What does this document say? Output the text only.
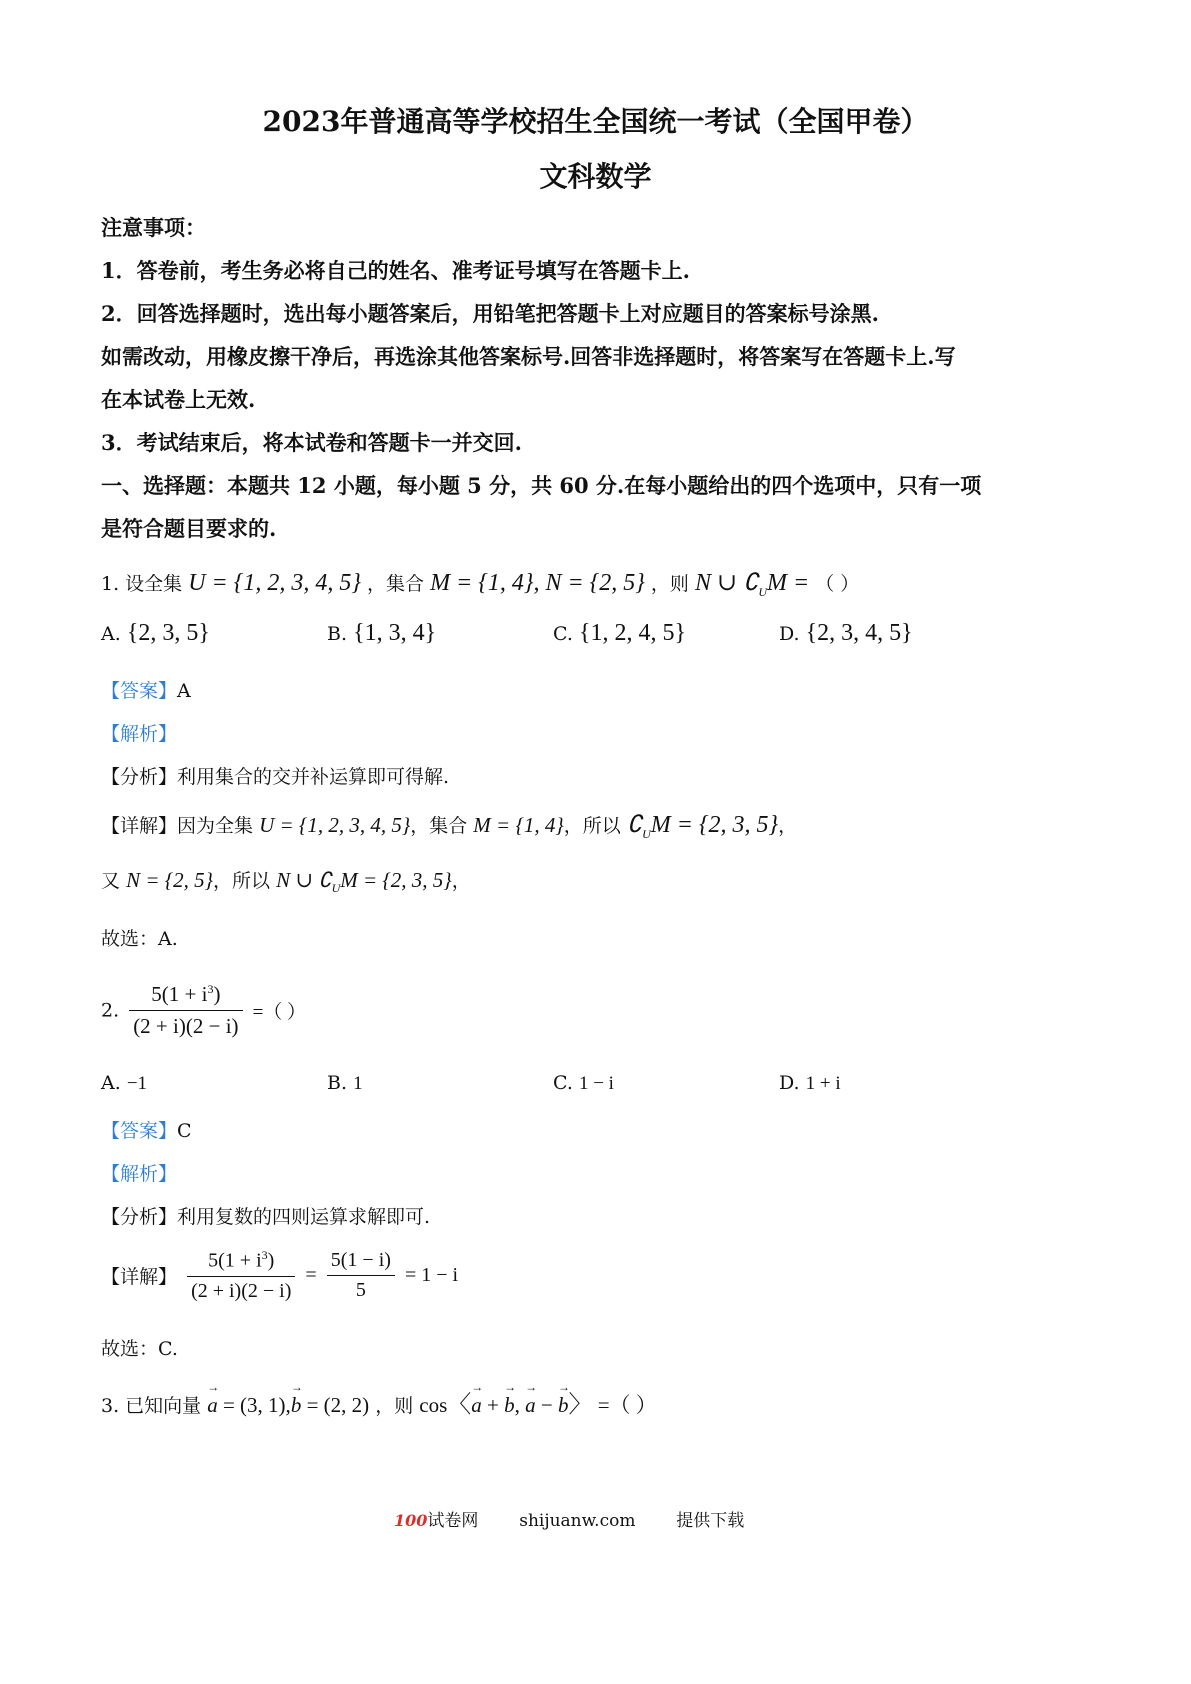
2023年普通高等学校招生全国统一考试（全国甲卷）
文科数学
注意事项：
1．答卷前，考生务必将自己的姓名、准考证号填写在答题卡上.
2．回答选择题时，选出每小题答案后，用铅笔把答题卡上对应题目的答案标号涂黑.
如需改动，用橡皮擦干净后，再选涂其他答案标号.回答非选择题时，将答案写在答题卡上.写
在本试卷上无效.
3．考试结束后，将本试卷和答题卡一并交回.
一、选择题：本题共 12 小题，每小题 5 分，共 60 分.在每小题给出的四个选项中，只有一项
是符合题目要求的.
1. 设全集 U = {1, 2, 3, 4, 5} ，集合 M = {1, 4}, N = {2, 5} ，则 N ∪ $∁_UM$ = （ ）
A. {2, 3, 5}	B. {1, 3, 4}	C. {1, 2, 4, 5}	D. {2, 3, 4, 5}
【答案】A
【解析】
【分析】利用集合的交并补运算即可得解.
【详解】因为全集 U = {1, 2, 3, 4, 5}，集合 M = {1, 4}，所以 $∁_UM = \{2$, 3, 5}，
又 N = {2, 5}，所以 N ∪ $∁_UM = \{2$, 3, 5}，
故选：A.
2. $\frac{5(1 + i^3)}{(2 + i)(2 - i)}$ =（ ）
A. −1	B. 1	C. 1 − i	D. 1 + i
【答案】C
【解析】
【分析】利用复数的四则运算求解即可.
【详解】 $\frac{5(1 + i^3)}{(2 + i)(2 - i)} = \frac{5(1 - i)}{5} = 1 - i$
故选：C.
3. 已知向量 → a = (3, 1),→ b = (2, 2) ，则 cos〈→ a + → b, → a − → b〉 =（ ）
100试卷网 shijuanw.com 提供下载
